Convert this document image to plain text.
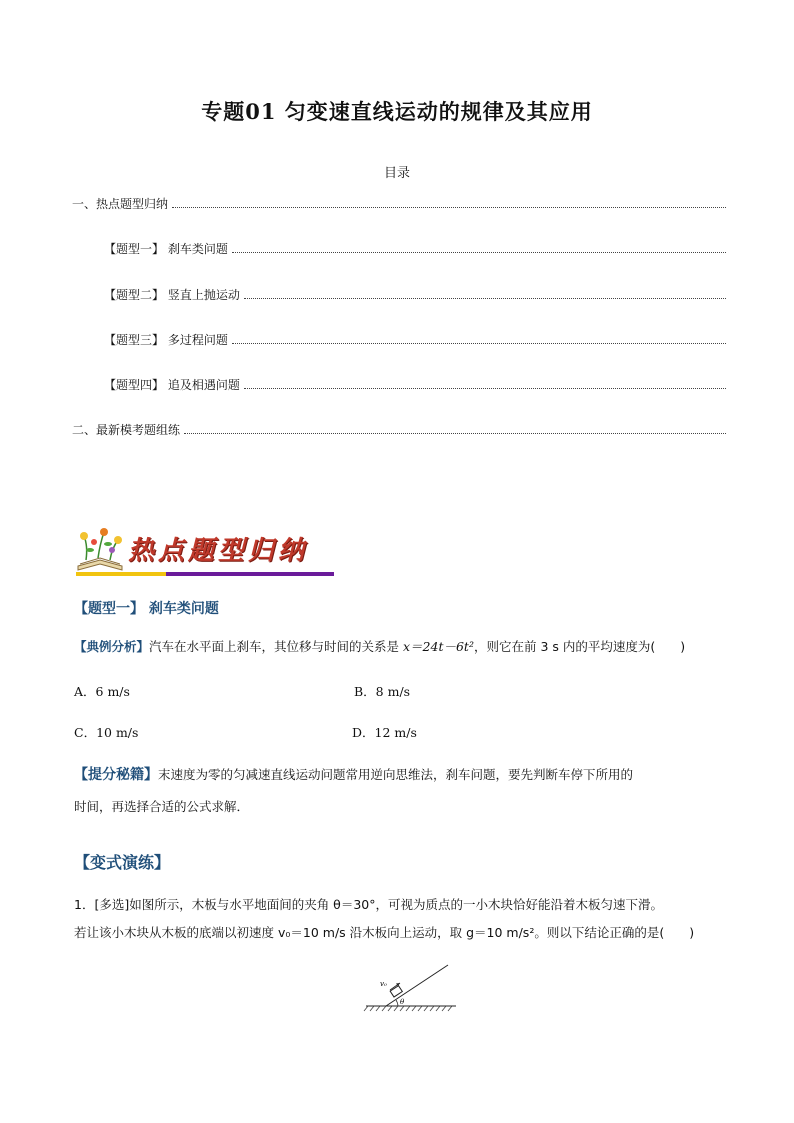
专题01 匀变速直线运动的规律及其应用
目录
一、热点题型归纳
【题型一】 刹车类问题
【题型二】 竖直上抛运动
【题型三】 多过程问题
【题型四】 追及相遇问题
二、最新模考题组练
热点题型归纳
【题型一】 刹车类问题
【典例分析】汽车在水平面上刹车，其位移与时间的关系是 x＝24t－6t²，则它在前 3 s 内的平均速度为(　　)
A．6 m/s	B．8 m/s
C．10 m/s	D．12 m/s
【提分秘籍】末速度为零的匀减速直线运动问题常用逆向思维法，刹车问题，要先判断车停下所用的
时间，再选择合适的公式求解．
【变式演练】
1．[多选]如图所示，木板与水平地面间的夹角 θ＝30°，可视为质点的一小木块恰好能沿着木板匀速下滑。
若让该小木块从木板的底端以初速度 v₀＝10 m/s 沿木板向上运动，取 g＝10 m/s²。则以下结论正确的是(　　)
v₀
θ
